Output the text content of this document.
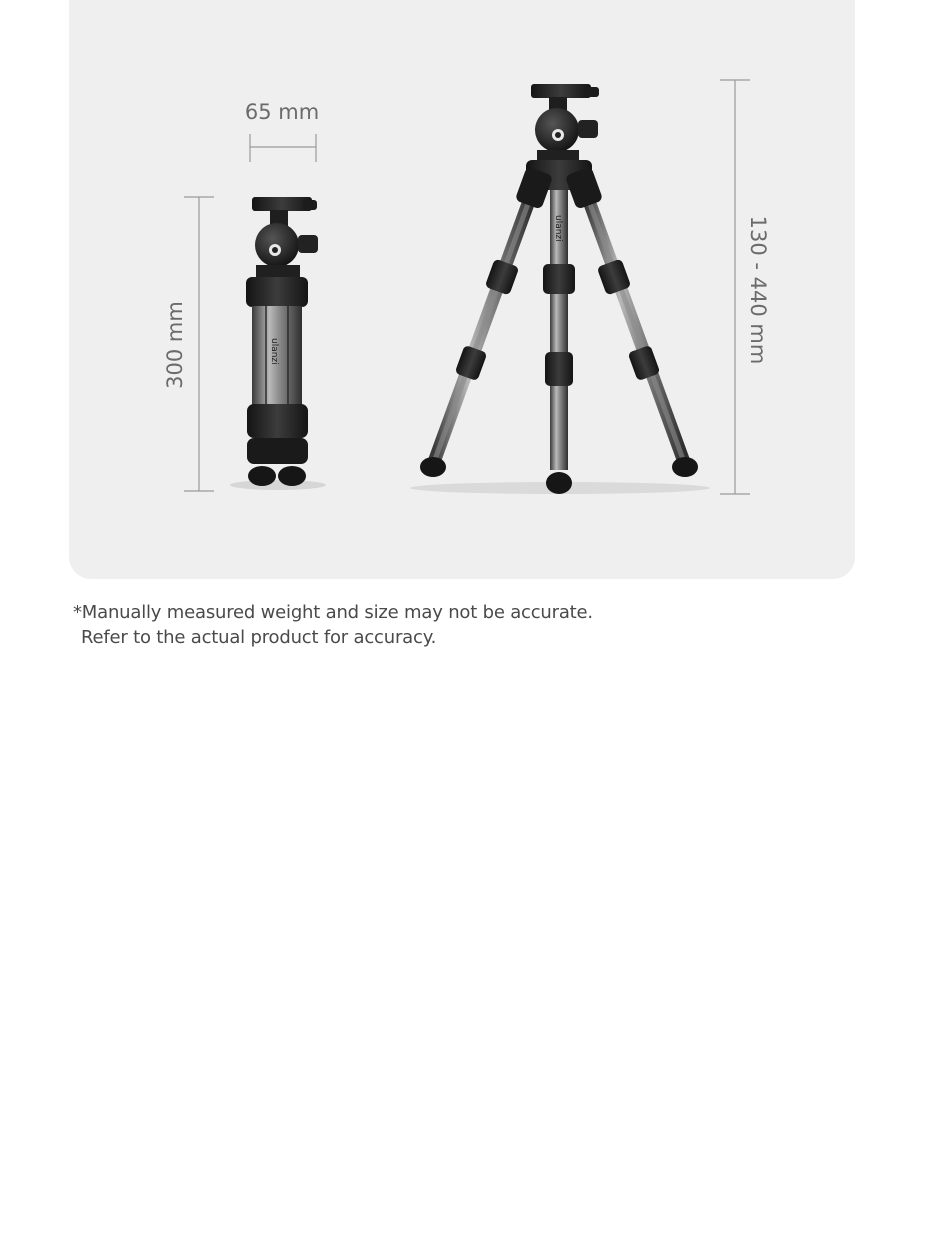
65 mm
300 mm	130 - 440 mm
ulanzi
ulanzi
*Manually measured weight and size may not be accurate.
Refer to the actual product for accuracy.
